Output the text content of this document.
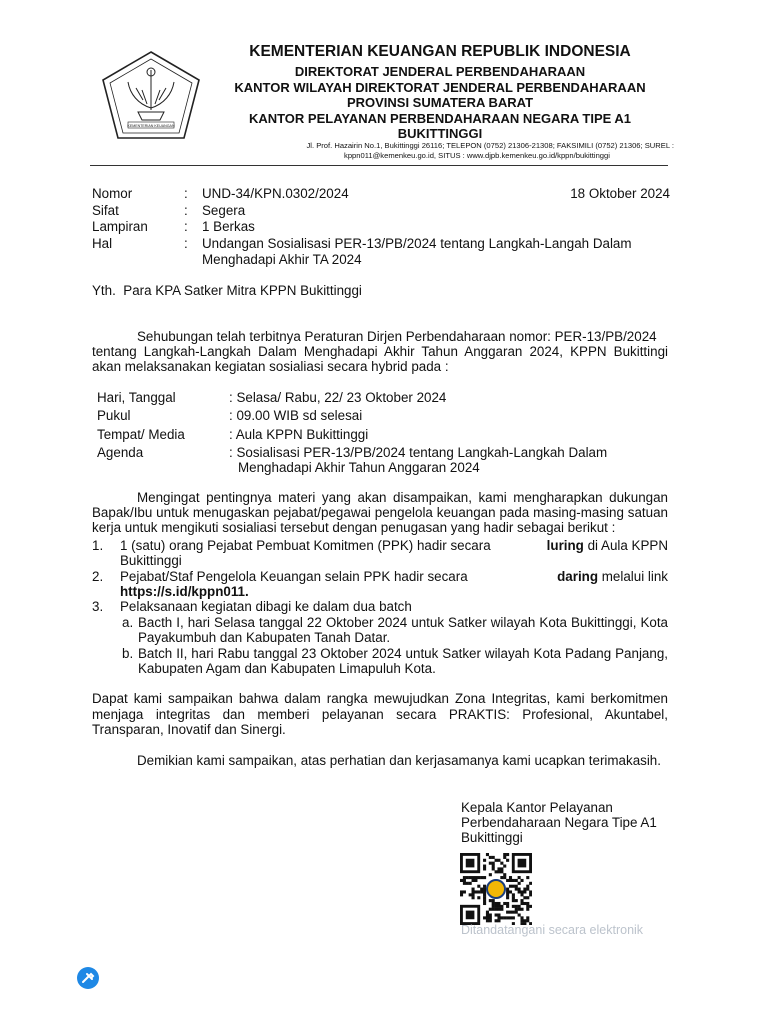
KEMENTERIAN KEUANGAN
KEMENTERIAN KEUANGAN REPUBLIK INDONESIA
DIREKTORAT JENDERAL PERBENDAHARAAN
KANTOR WILAYAH DIREKTORAT JENDERAL PERBENDAHARAAN
PROVINSI SUMATERA BARAT
KANTOR PELAYANAN PERBENDAHARAAN NEGARA TIPE A1
BUKITTINGGI
Jl. Prof. Hazairin No.1, Bukittinggi 26116; TELEPON (0752) 21306-21308; FAKSIMILI (0752) 21306; SUREL :
kppn011@kemenkeu.go.id, SITUS : www.djpb.kemenkeu.go.id/kppn/bukittinggi
Nomor	: UND-34/KPN.0302/2024	18 Oktober 2024
Sifat	: Segera
Lampiran	: 1 Berkas
Hal	: Undangan Sosialisasi PER-13/PB/2024 tentang Langkah-Langah Dalam
Menghadapi Akhir TA 2024
Yth.  Para KPA Satker Mitra KPPN Bukittinggi
Sehubungan telah terbitnya Peraturan Dirjen Perbendaharaan nomor: PER-13/PB/2024
tentang Langkah-Langkah Dalam Menghadapi Akhir Tahun Anggaran 2024, KPPN Bukittingi
akan melaksanakan kegiatan sosialiasi secara hybrid pada :
Hari, Tanggal	: Selasa/ Rabu, 22/ 23 Oktober 2024
Pukul	: 09.00 WIB sd selesai
Tempat/ Media	: Aula KPPN Bukittinggi
Agenda	: Sosialisasi PER-13/PB/2024 tentang Langkah-Langkah Dalam
Menghadapi Akhir Tahun Anggaran 2024
Mengingat pentingnya materi yang akan disampaikan, kami mengharapkan dukungan
Bapak/Ibu untuk menugaskan pejabat/pegawai pengelola keuangan pada masing-masing satuan
kerja untuk mengikuti sosialiasi tersebut dengan penugasan yang hadir sebagai berikut :
1. 1 (satu) orang Pejabat Pembuat Komitmen (PPK) hadir secara	luring di Aula KPPN
Bukittinggi
2. Pejabat/Staf Pengelola Keuangan selain PPK hadir secara	daring melalui link
https://s.id/kppn011.
3. Pelaksanaan kegiatan dibagi ke dalam dua batch
a. Bacth I, hari Selasa tanggal 22 Oktober 2024 untuk Satker wilayah Kota Bukittinggi, Kota
Payakumbuh dan Kabupaten Tanah Datar.
b. Batch II, hari Rabu tanggal 23 Oktober 2024 untuk Satker wilayah Kota Padang Panjang,
Kabupaten Agam dan Kabupaten Limapuluh Kota.
Dapat kami sampaikan bahwa dalam rangka mewujudkan Zona Integritas, kami berkomitmen
menjaga integritas dan memberi pelayanan secara PRAKTIS: Profesional, Akuntabel,
Transparan, Inovatif dan Sinergi.
Demikian kami sampaikan, atas perhatian dan kerjasamanya kami ucapkan terimakasih.
Kepala Kantor Pelayanan
Perbendaharaan Negara Tipe A1
Bukittinggi
Ditandatangani secara elektronik
